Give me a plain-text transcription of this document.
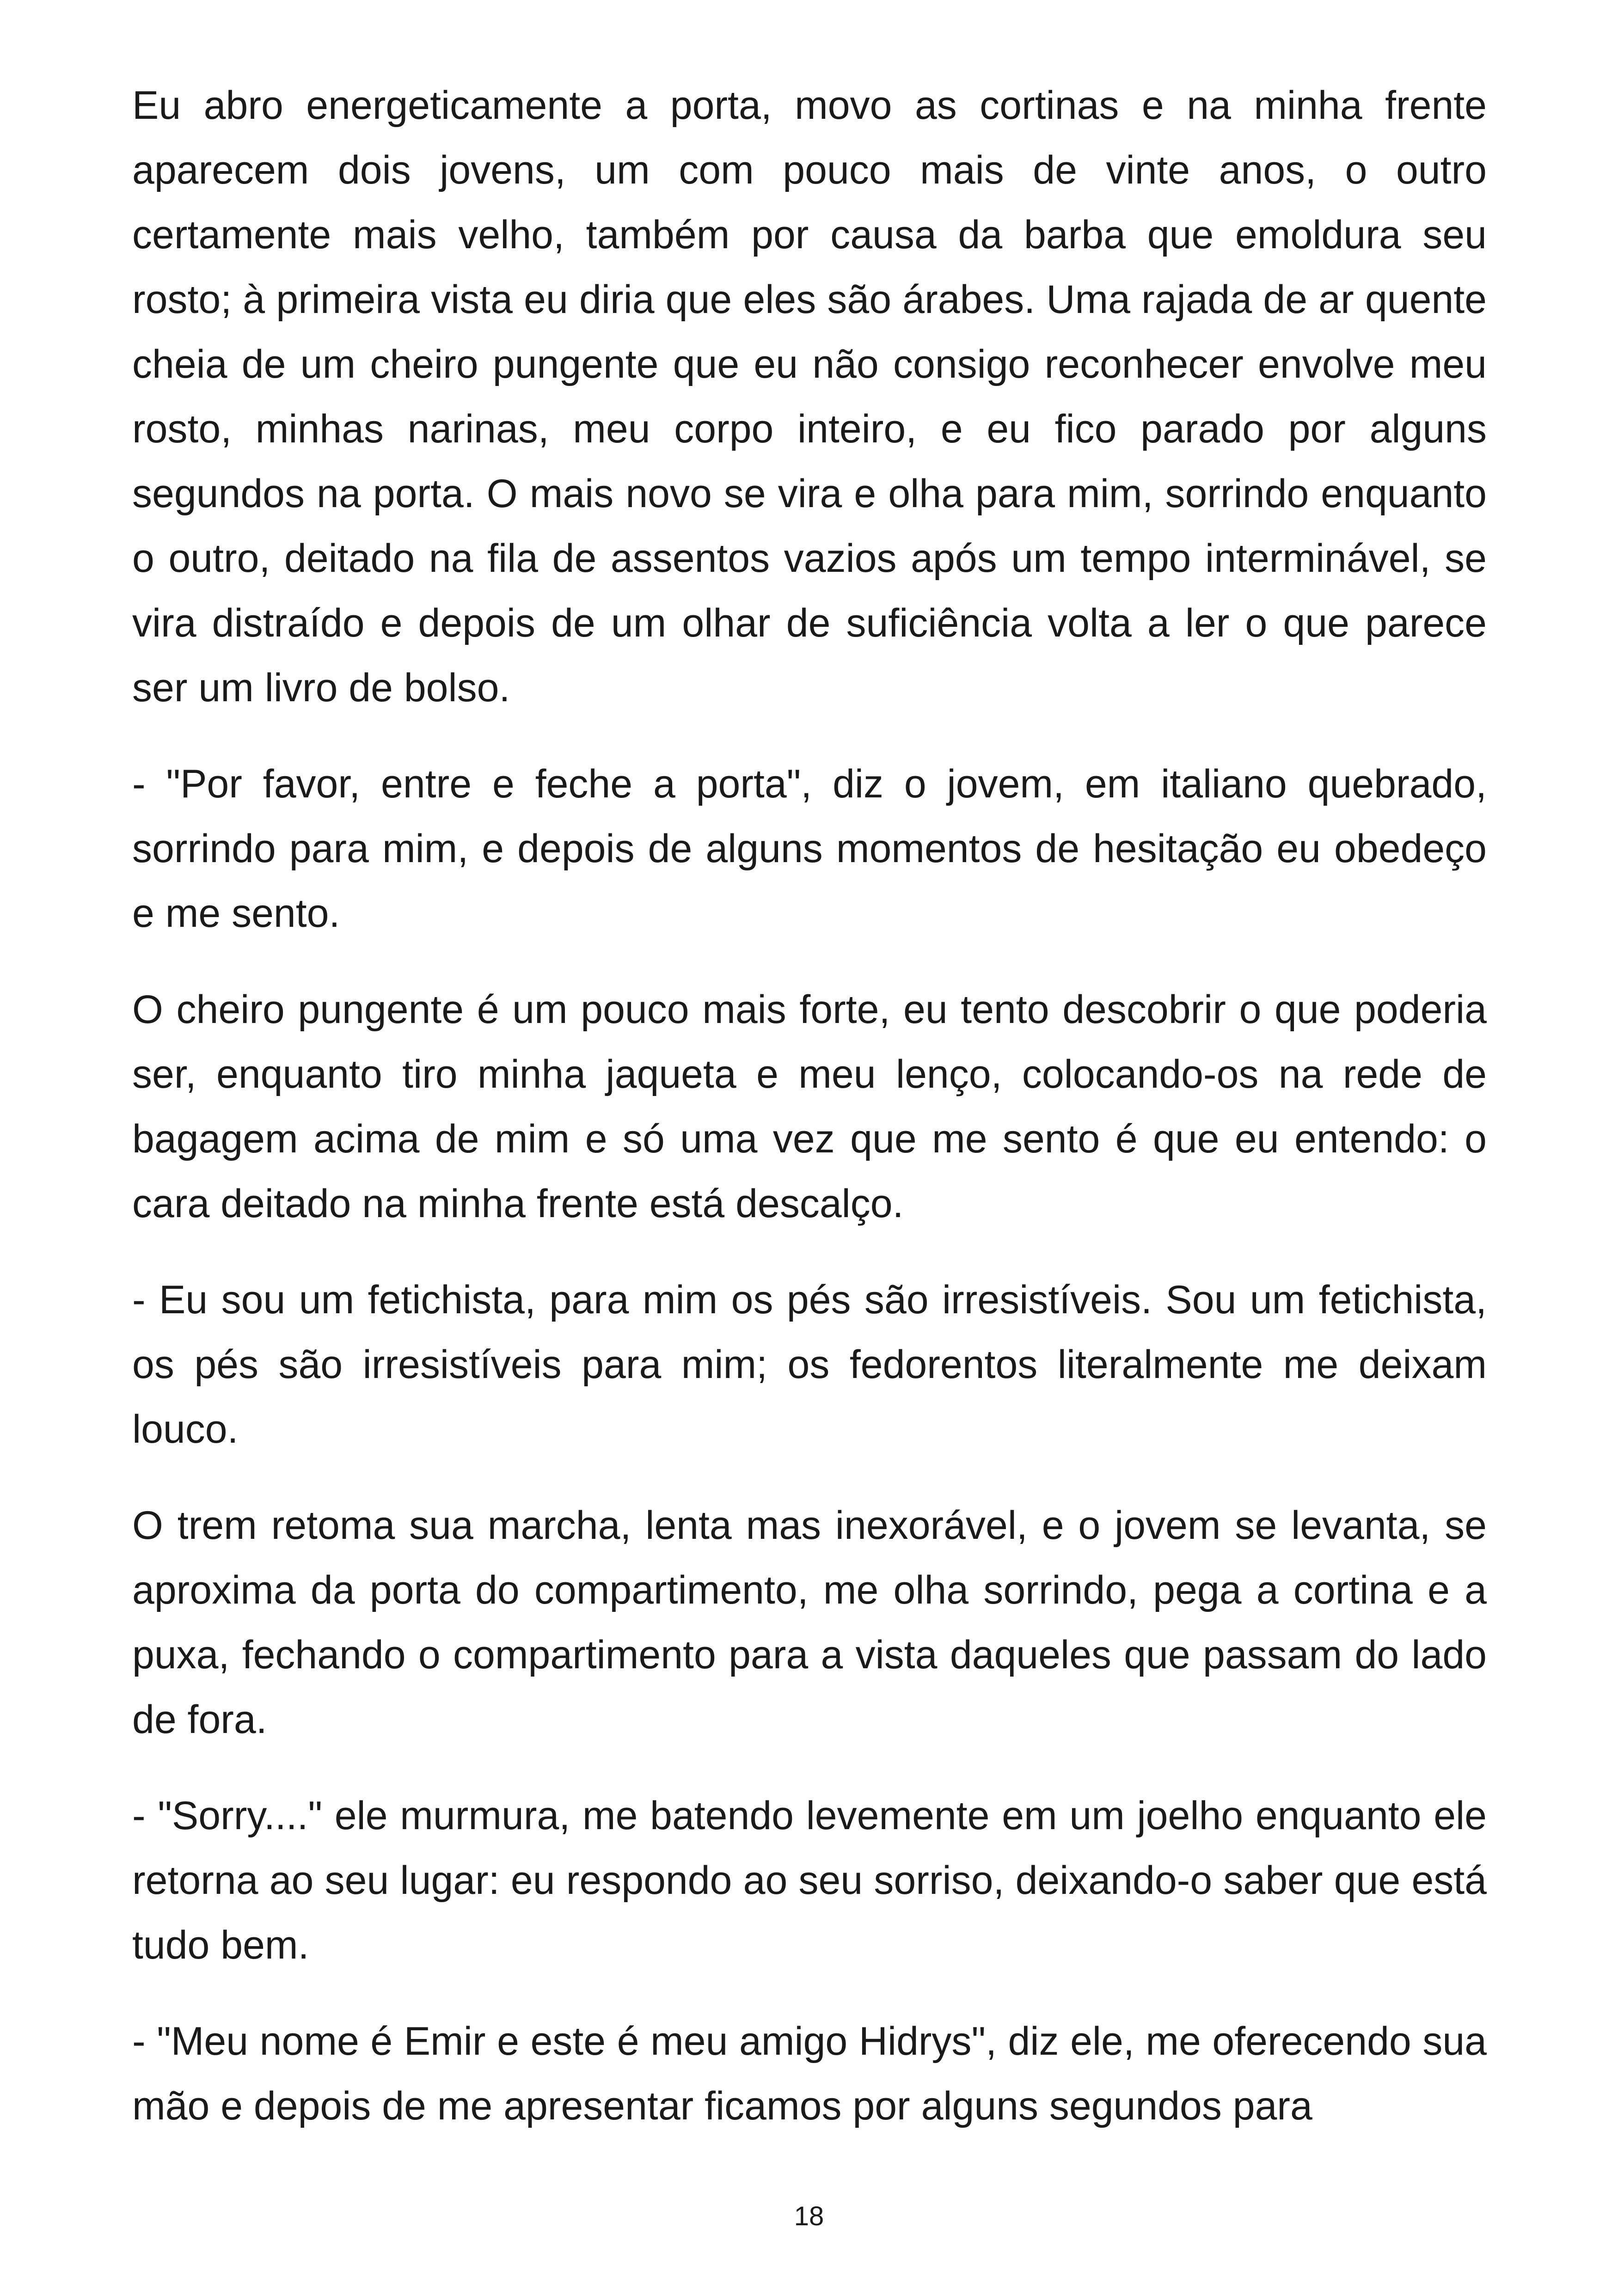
Eu abro energeticamente a porta, movo as cortinas e na minha frente aparecem dois jovens, um com pouco mais de vinte anos, o outro certamente mais velho, também por causa da barba que emoldura seu rosto; à primeira vista eu diria que eles são árabes. Uma rajada de ar quente cheia de um cheiro pungente que eu não consigo reconhecer envolve meu rosto, minhas narinas, meu corpo inteiro, e eu fico parado por alguns segundos na porta. O mais novo se vira e olha para mim, sorrindo enquanto o outro, deitado na fila de assentos vazios após um tempo interminável, se vira distraído e depois de um olhar de suficiência volta a ler o que parece ser um livro de bolso.

- "Por favor, entre e feche a porta", diz o jovem, em italiano quebrado, sorrindo para mim, e depois de alguns momentos de hesitação eu obedeço e me sento.

O cheiro pungente é um pouco mais forte, eu tento descobrir o que poderia ser, enquanto tiro minha jaqueta e meu lenço, colocando-os na rede de bagagem acima de mim e só uma vez que me sento é que eu entendo: o cara deitado na minha frente está descalço.

- Eu sou um fetichista, para mim os pés são irresistíveis. Sou um fetichista, os pés são irresistíveis para mim; os fedorentos literalmente me deixam louco.

O trem retoma sua marcha, lenta mas inexorável, e o jovem se levanta, se aproxima da porta do compartimento, me olha sorrindo, pega a cortina e a puxa, fechando o compartimento para a vista daqueles que passam do lado de fora.

- "Sorry...." ele murmura, me batendo levemente em um joelho enquanto ele retorna ao seu lugar: eu respondo ao seu sorriso, deixando-o saber que está tudo bem.

- "Meu nome é Emir e este é meu amigo Hidrys", diz ele, me oferecendo sua mão e depois de me apresentar ficamos por alguns segundos para

18
